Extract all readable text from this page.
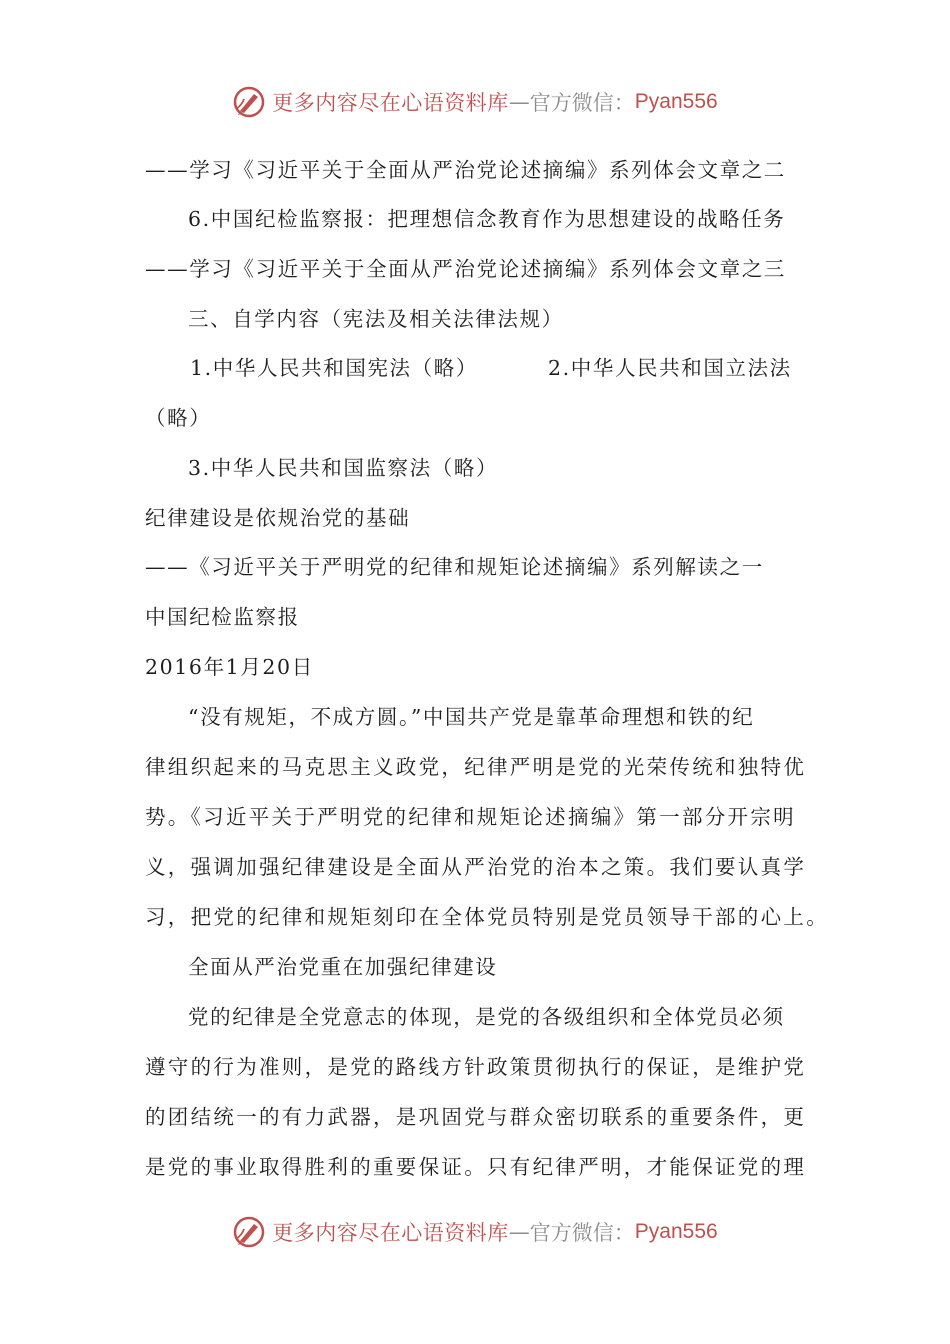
更多内容尽在心语资料库 — 官方微信： Pyan556
——学习《习近平关于全面从严治党论述摘编》系列体会文章之二
6.中国纪检监察报：把理想信念教育作为思想建设的战略任务
——学习《习近平关于全面从严治党论述摘编》系列体会文章之三
三、自学内容（宪法及相关法律法规）
1.中华人民共和国宪法（略）	2.中华人民共和国立法法
（略）
3.中华人民共和国监察法（略）
纪律建设是依规治党的基础
——《习近平关于严明党的纪律和规矩论述摘编》系列解读之一
中国纪检监察报
2016年1月20日
“没有规矩，不成方圆。”中国共产党是靠革命理想和铁的纪
律组织起来的马克思主义政党，纪律严明是党的光荣传统和独特优
势。《习近平关于严明党的纪律和规矩论述摘编》第一部分开宗明
义，强调加强纪律建设是全面从严治党的治本之策。我们要认真学
习，把党的纪律和规矩刻印在全体党员特别是党员领导干部的心上。
全面从严治党重在加强纪律建设
党的纪律是全党意志的体现，是党的各级组织和全体党员必须
遵守的行为准则，是党的路线方针政策贯彻执行的保证，是维护党
的团结统一的有力武器，是巩固党与群众密切联系的重要条件，更
是党的事业取得胜利的重要保证。只有纪律严明，才能保证党的理
更多内容尽在心语资料库 — 官方微信： Pyan556
